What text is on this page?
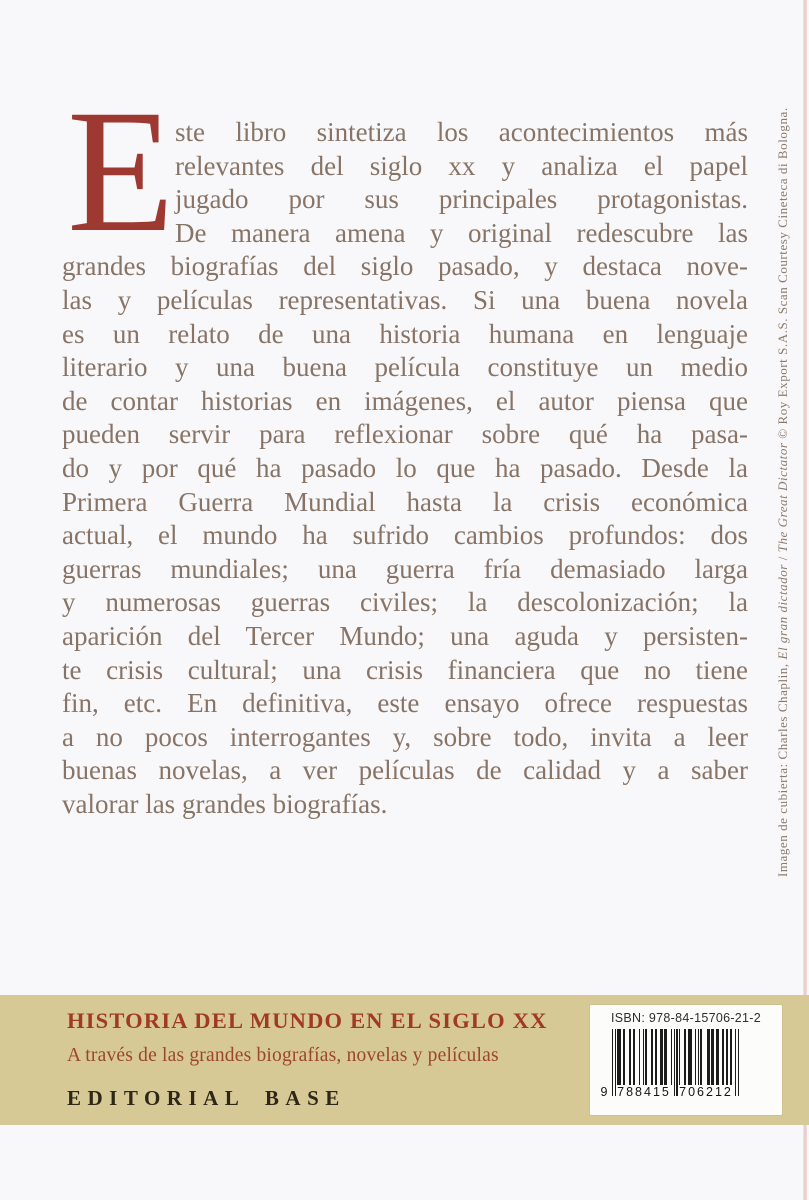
E ste libro sintetiza los acontecimientos más
relevantes del siglo xx y analiza el papel
jugado por sus principales protagonistas.
De manera amena y original redescubre las
grandes biografías del siglo pasado, y destaca nove-
las y películas representativas. Si una buena novela
es un relato de una historia humana en lenguaje
literario y una buena película constituye un medio
de contar historias en imágenes, el autor piensa que
pueden servir para reflexionar sobre qué ha pasa-
do y por qué ha pasado lo que ha pasado. Desde la
Primera Guerra Mundial hasta la crisis económica
actual, el mundo ha sufrido cambios profundos: dos
guerras mundiales; una guerra fría demasiado larga
y numerosas guerras civiles; la descolonización; la
aparición del Tercer Mundo; una aguda y persisten-
te crisis cultural; una crisis financiera que no tiene
fin, etc. En definitiva, este ensayo ofrece respuestas
a no pocos interrogantes y, sobre todo, invita a leer
buenas novelas, a ver películas de calidad y a saber
valorar las grandes biografías.	Imagen de cubierta: Charles Chaplin, El gran dictador / The Great Dictator © Roy Export S.A.S. Scan Courtesy Cineteca di Bologna.
HISTORIA DEL MUNDO EN EL SIGLO XX
A través de las grandes biografías, novelas y películas
EDITORIAL BASE
ISBN: 978-84-15706-21-2
9 788415 706212
